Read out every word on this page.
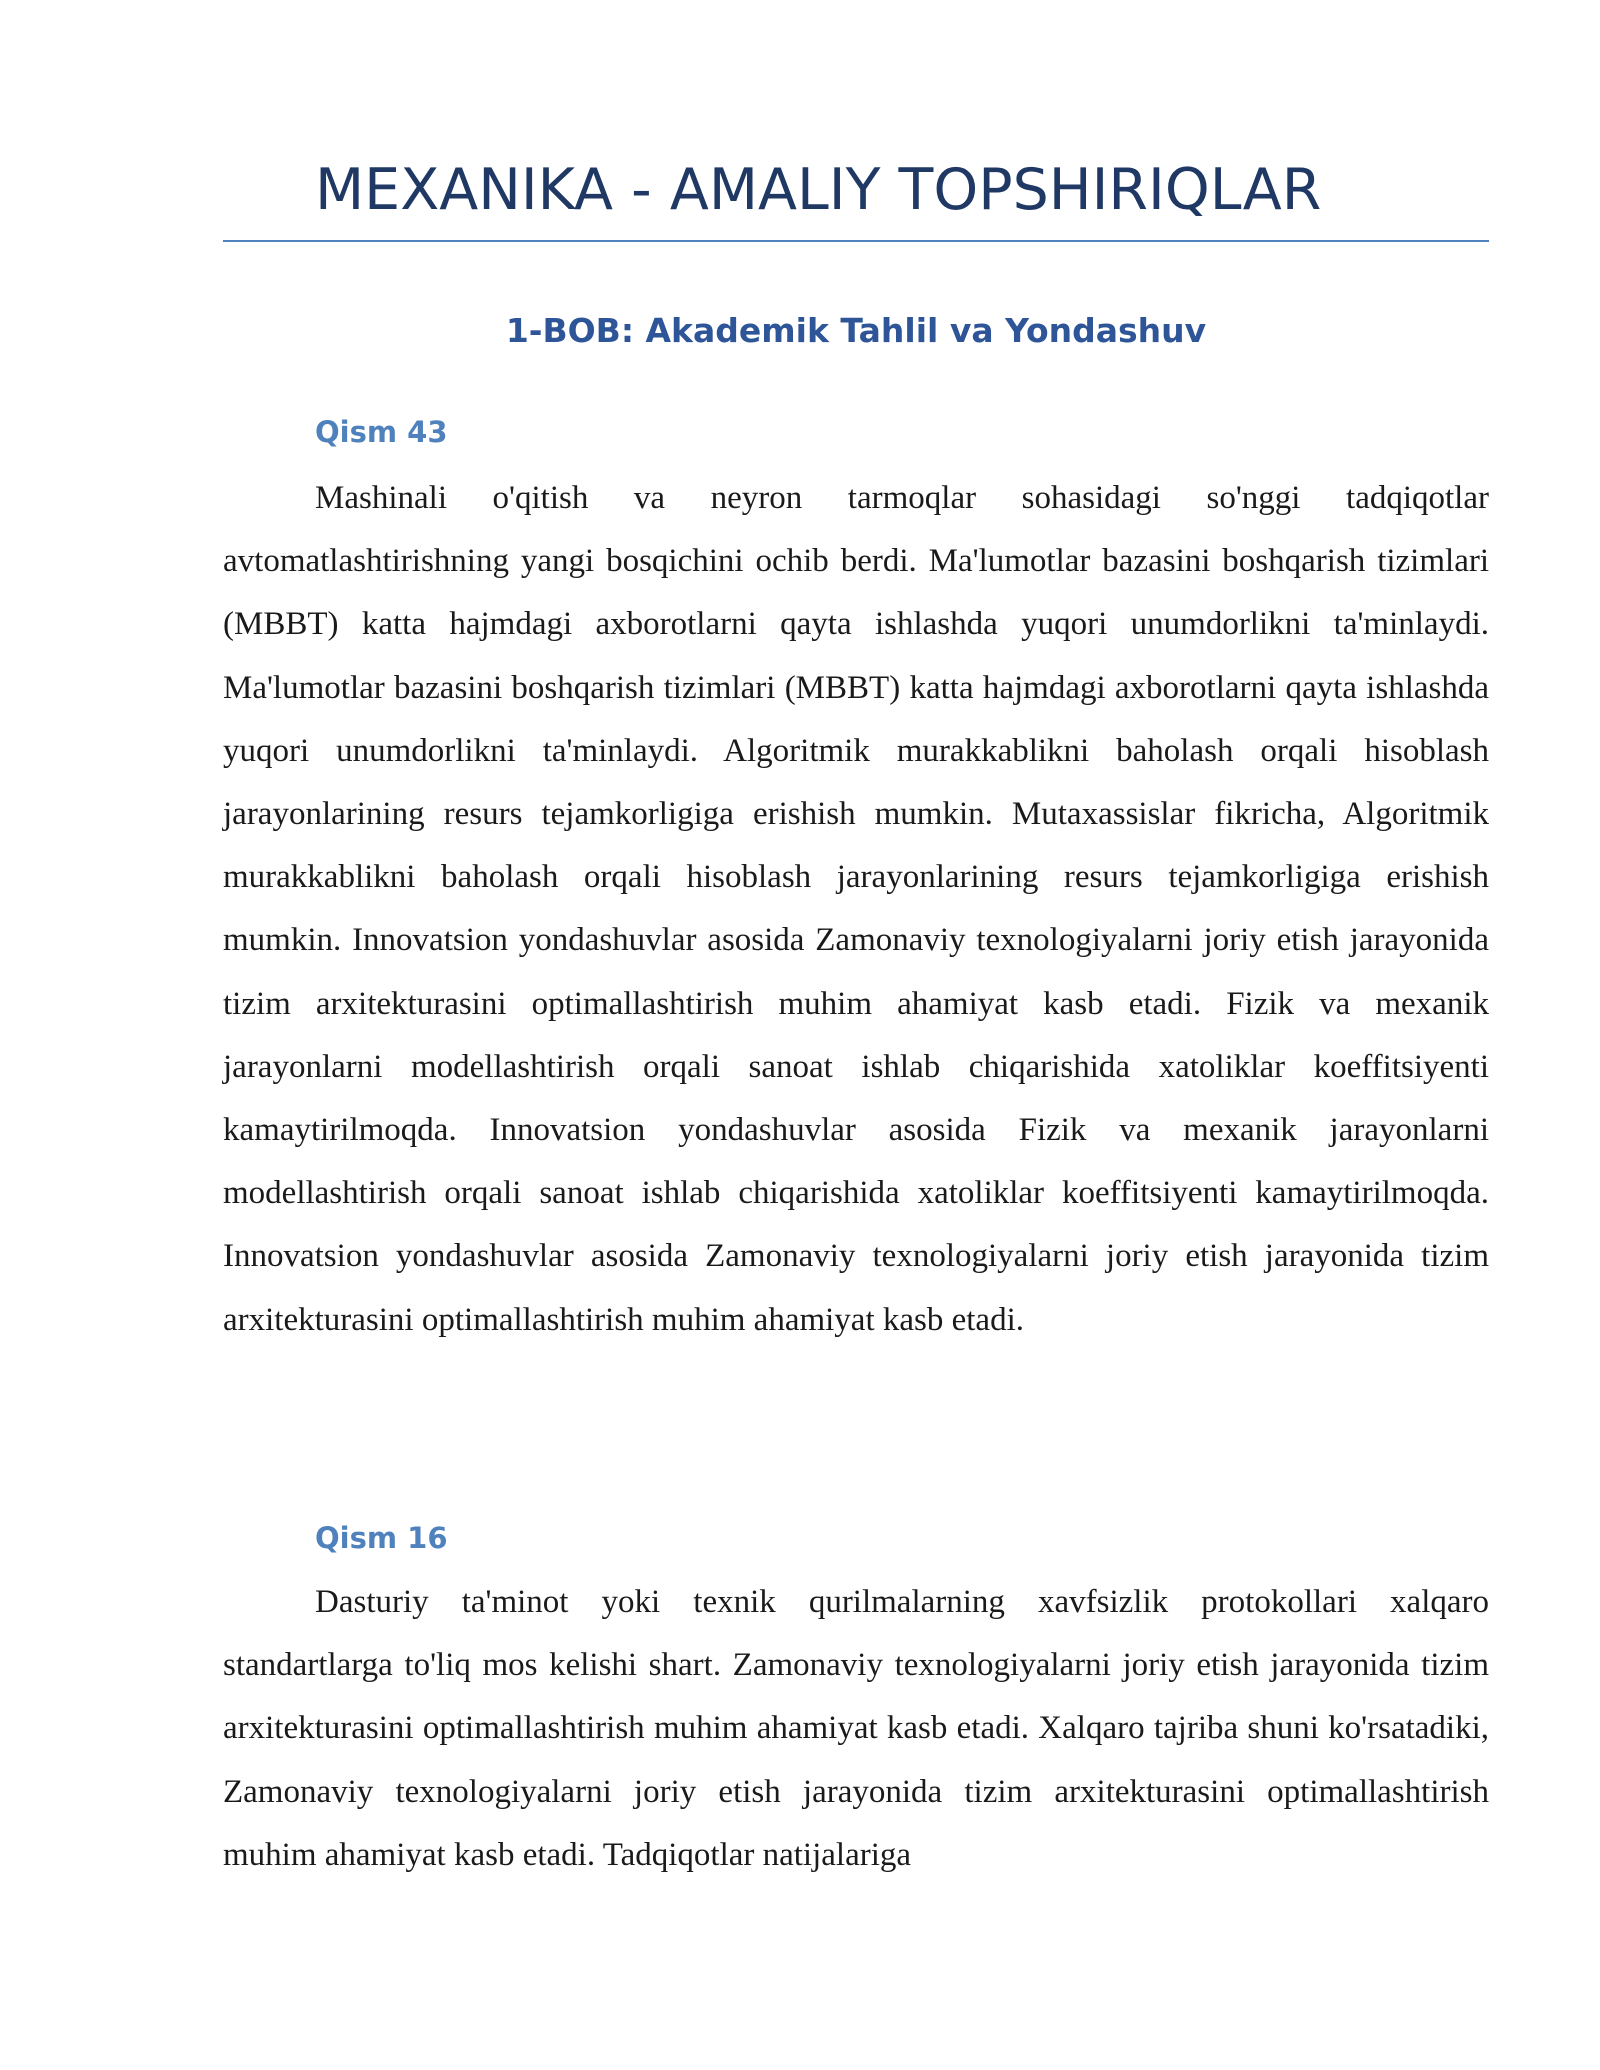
MEXANIKA - AMALIY TOPSHIRIQLAR
1-BOB: Akademik Tahlil va Yondashuv
Qism 43

Mashinali o'qitish va neyron tarmoqlar sohasidagi so'nggi tadqiqotlar avtomatlashtirishning yangi bosqichini ochib berdi. Ma'lumotlar bazasini boshqarish tizimlari (MBBT) katta hajmdagi axborotlarni qayta ishlashda yuqori unumdorlikni ta'minlaydi. Ma'lumotlar bazasini boshqarish tizimlari (MBBT) katta hajmdagi axborotlarni qayta ishlashda yuqori unumdorlikni ta'minlaydi. Algoritmik murakkablikni baholash orqali hisoblash jarayonlarining resurs tejamkorligiga erishish mumkin. Mutaxassislar fikricha, Algoritmik murakkablikni baholash orqali hisoblash jarayonlarining resurs tejamkorligiga erishish mumkin. Innovatsion yondashuvlar asosida Zamonaviy texnologiyalarni joriy etish jarayonida tizim arxitekturasini optimallashtirish muhim ahamiyat kasb etadi. Fizik va mexanik jarayonlarni modellashtirish orqali sanoat ishlab chiqarishida xatoliklar koeffitsiyenti kamaytirilmoqda. Innovatsion yondashuvlar asosida Fizik va mexanik jarayonlarni modellashtirish orqali sanoat ishlab chiqarishida xatoliklar koeffitsiyenti kamaytirilmoqda. Innovatsion yondashuvlar asosida Zamonaviy texnologiyalarni joriy etish jarayonida tizim arxitekturasini optimallashtirish muhim ahamiyat kasb etadi.

Qism 16

Dasturiy ta'minot yoki texnik qurilmalarning xavfsizlik protokollari xalqaro standartlarga to'liq mos kelishi shart. Zamonaviy texnologiyalarni joriy etish jarayonida tizim arxitekturasini optimallashtirish muhim ahamiyat kasb etadi. Xalqaro tajriba shuni ko'rsatadiki, Zamonaviy texnologiyalarni joriy etish jarayonida tizim arxitekturasini optimallashtirish muhim ahamiyat kasb etadi. Tadqiqotlar natijalariga
